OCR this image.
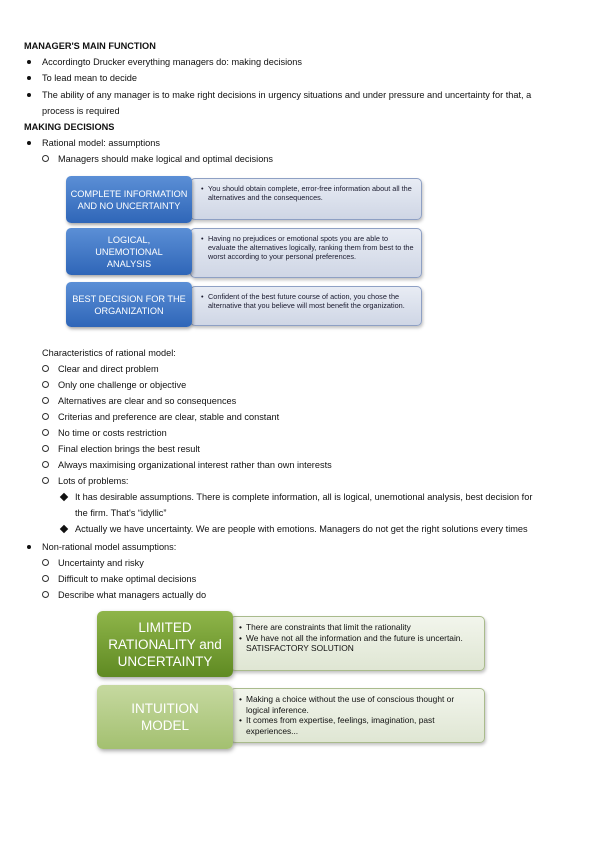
MANAGER'S MAIN FUNCTION
Accordingto Drucker everything managers do: making decisions
To lead mean to decide
The ability of any manager is to make right decisions in urgency situations and under pressure and uncertainty for that, a
process is required
MAKING DECISIONS
Rational model: assumptions
Managers should make logical and optimal decisions
• You should obtain complete, error-free information about all the alternatives and the consequences.
COMPLETE INFORMATION AND NO UNCERTAINTY
• Having no prejudices or emotional spots you are able to evaluate the alternatives logically, ranking them from best to the worst according to your personal preferences.
LOGICAL, UNEMOTIONAL ANALYSIS
• Confident of the best future course of action, you chose the alternative that you believe will most benefit the organization.
BEST DECISION FOR THE ORGANIZATION
Characteristics of rational model:
Clear and direct problem
Only one challenge or objective
Alternatives are clear and so consequences
Criterias and preference are clear, stable and constant
No time or costs restriction
Final election brings the best result
Always maximising organizational interest rather than own interests
Lots of problems:
It has desirable assumptions. There is complete information, all is logical, unemotional analysis, best decision for
the firm. That's “idyllic”
Actually we have uncertainty. We are people with emotions. Managers do not get the right solutions every times
Non-rational model assumptions:
Uncertainty and risky
Difficult to make optimal decisions
Describe what managers actually do
• There are constraints that limit the rationality
• We have not all the information and the future is uncertain. SATISFACTORY SOLUTION
LIMITED RATIONALITY and UNCERTAINTY
• Making a choice without the use of conscious thought or logical inference.
• It comes from expertise, feelings, imagination, past experiences...
INTUITION MODEL
